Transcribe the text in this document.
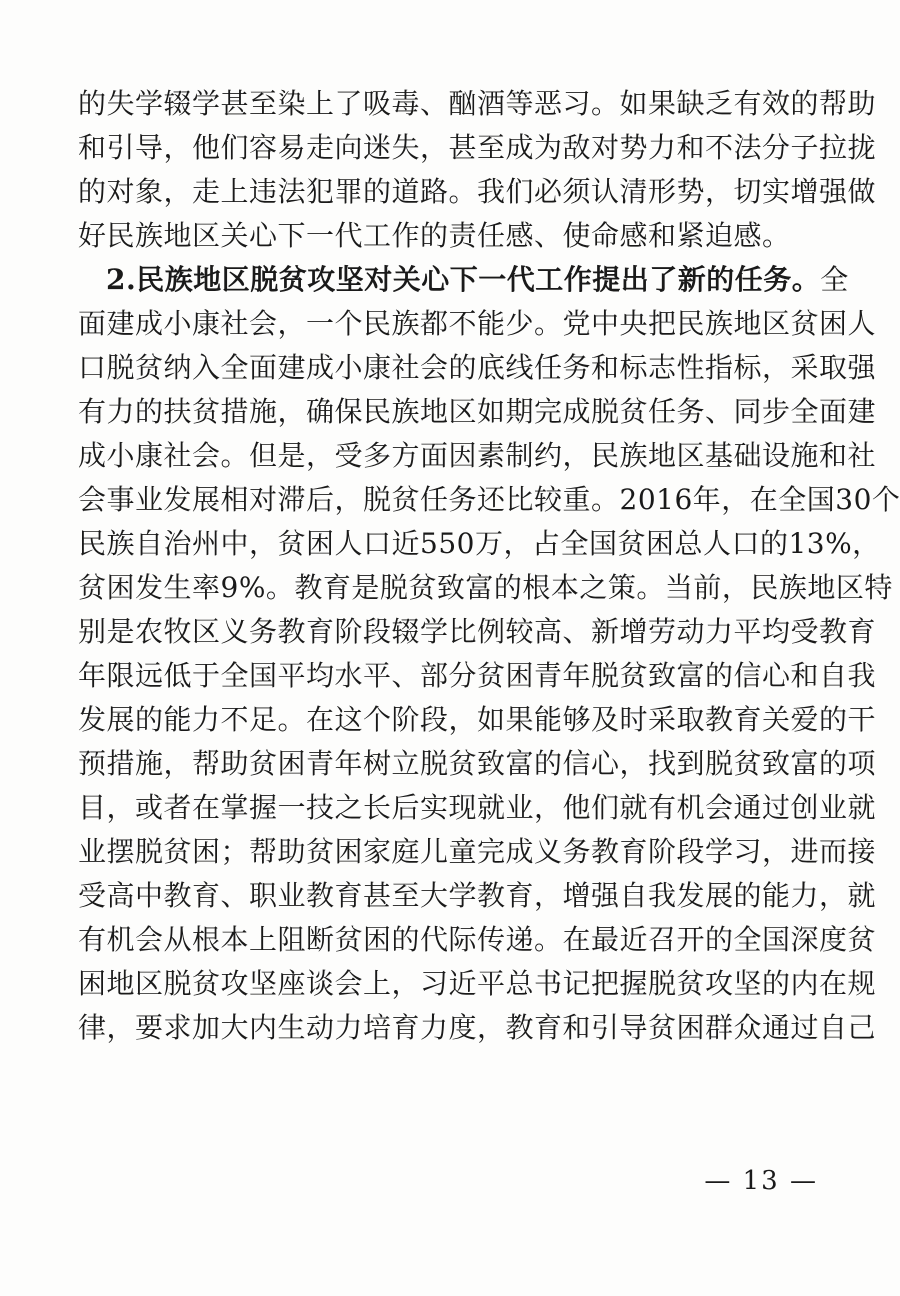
的失学辍学甚至染上了吸毒、酗酒等恶习。如果缺乏有效的帮助
和引导，他们容易走向迷失，甚至成为敌对势力和不法分子拉拢
的对象，走上违法犯罪的道路。我们必须认清形势，切实增强做
好民族地区关心下一代工作的责任感、使命感和紧迫感。
2.民族地区脱贫攻坚对关心下一代工作提出了新的任务。全
面建成小康社会，一个民族都不能少。党中央把民族地区贫困人
口脱贫纳入全面建成小康社会的底线任务和标志性指标，采取强
有力的扶贫措施，确保民族地区如期完成脱贫任务、同步全面建
成小康社会。但是，受多方面因素制约，民族地区基础设施和社
会事业发展相对滞后，脱贫任务还比较重。2016年，在全国30个
民族自治州中，贫困人口近550万，占全国贫困总人口的13%，
贫困发生率9%。教育是脱贫致富的根本之策。当前，民族地区特
别是农牧区义务教育阶段辍学比例较高、新增劳动力平均受教育
年限远低于全国平均水平、部分贫困青年脱贫致富的信心和自我
发展的能力不足。在这个阶段，如果能够及时采取教育关爱的干
预措施，帮助贫困青年树立脱贫致富的信心，找到脱贫致富的项
目，或者在掌握一技之长后实现就业，他们就有机会通过创业就
业摆脱贫困；帮助贫困家庭儿童完成义务教育阶段学习，进而接
受高中教育、职业教育甚至大学教育，增强自我发展的能力，就
有机会从根本上阻断贫困的代际传递。在最近召开的全国深度贫
困地区脱贫攻坚座谈会上，习近平总书记把握脱贫攻坚的内在规
律，要求加大内生动力培育力度，教育和引导贫困群众通过自己
— 13 —
